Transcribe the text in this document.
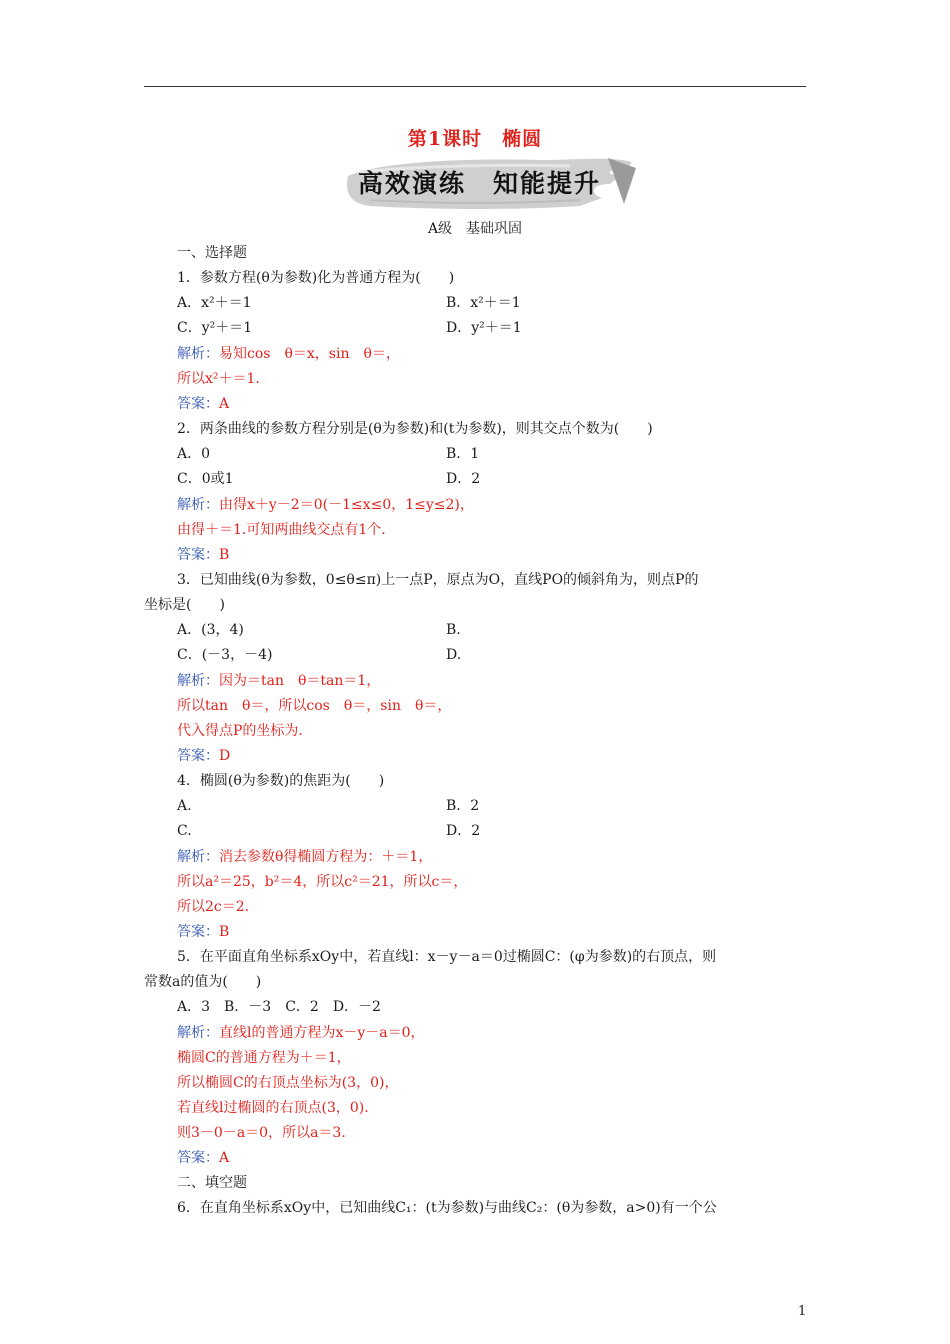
第1课时　椭圆
高效演练　知能提升
A级　基础巩固
一、选择题
1．参数方程(θ为参数)化为普通方程为(　　)
A．x²＋＝1	B．x²＋＝1
C．y²＋＝1	D．y²＋＝1
解析：易知cos　θ＝x，sin　θ＝，
所以x²＋＝1.
答案：A
2．两条曲线的参数方程分别是(θ为参数)和(t为参数)，则其交点个数为(　　)
A．0	B．1
C．0或1	D．2
解析：由得x＋y－2＝0(－1≤x≤0，1≤y≤2)，
由得＋＝1.可知两曲线交点有1个.
答案：B
3．已知曲线(θ为参数，0≤θ≤π)上一点P，原点为O，直线PO的倾斜角为，则点P的
坐标是(　　)
A．(3，4)	B.
C．(－3，－4)	D.
解析：因为＝tan　θ＝tan＝1，
所以tan　θ＝，所以cos　θ＝，sin　θ＝，
代入得点P的坐标为.
答案：D
4．椭圆(θ为参数)的焦距为(　　)
A.	B．2
C.	D．2
解析：消去参数θ得椭圆方程为：＋＝1，
所以a²＝25，b²＝4，所以c²＝21，所以c＝，
所以2c＝2.
答案：B
5．在平面直角坐标系xOy中，若直线l：x－y－a＝0过椭圆C：(φ为参数)的右顶点，则
常数a的值为(　　)
A．3　B．－3　C．2　D．－2
解析：直线l的普通方程为x－y－a＝0，
椭圆C的普通方程为＋＝1，
所以椭圆C的右顶点坐标为(3，0)，
若直线l过椭圆的右顶点(3，0).
则3－0－a＝0，所以a＝3.
答案：A
二、填空题
6．在直角坐标系xOy中，已知曲线C₁：(t为参数)与曲线C₂：(θ为参数，a>0)有一个公
1
